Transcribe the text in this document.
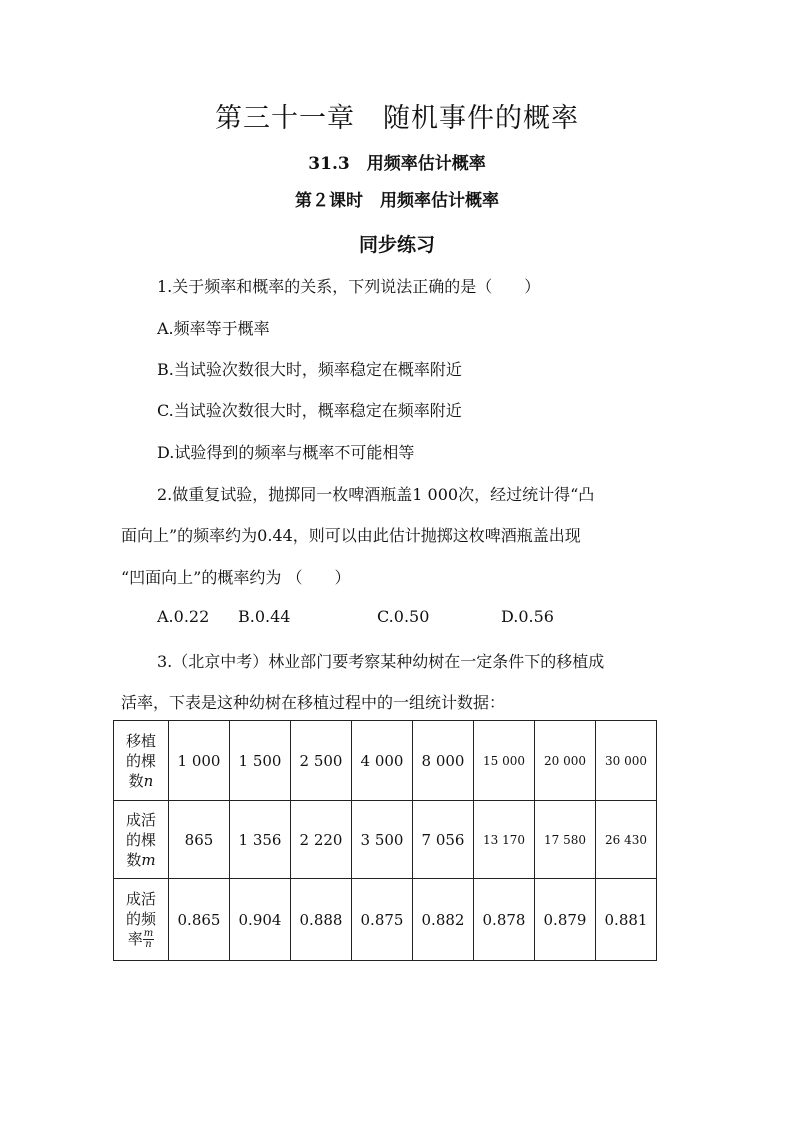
第三十一章　随机事件的概率
31.3　用频率估计概率
第２课时　用频率估计概率
同步练习
1.关于频率和概率的关系，下列说法正确的是（　　）
A.频率等于概率
B.当试验次数很大时，频率稳定在概率附近
C.当试验次数很大时，概率稳定在频率附近
D.试验得到的频率与概率不可能相等
2.做重复试验，抛掷同一枚啤酒瓶盖1 000次，经过统计得“凸
面向上”的频率约为0.44，则可以由此估计抛掷这枚啤酒瓶盖出现
“凹面向上”的概率约为 （　　）
A.0.22 B.0.44	C.0.50	D.0.56
3.（北京中考）林业部门要考察某种幼树在一定条件下的移植成
活率，下表是这种幼树在移植过程中的一组统计数据：
移植
的棵
数n	1 000	1 500	2 500	4 000	8 000	15 000	20 000	30 000
成活
的棵
数m	865	1 356	2 220	3 500	7 056	13 170	17 580	26 430
成活
的频
率 $\frac{m}{n}$	0.865	0.904	0.888	0.875	0.882	0.878	0.879	0.881
